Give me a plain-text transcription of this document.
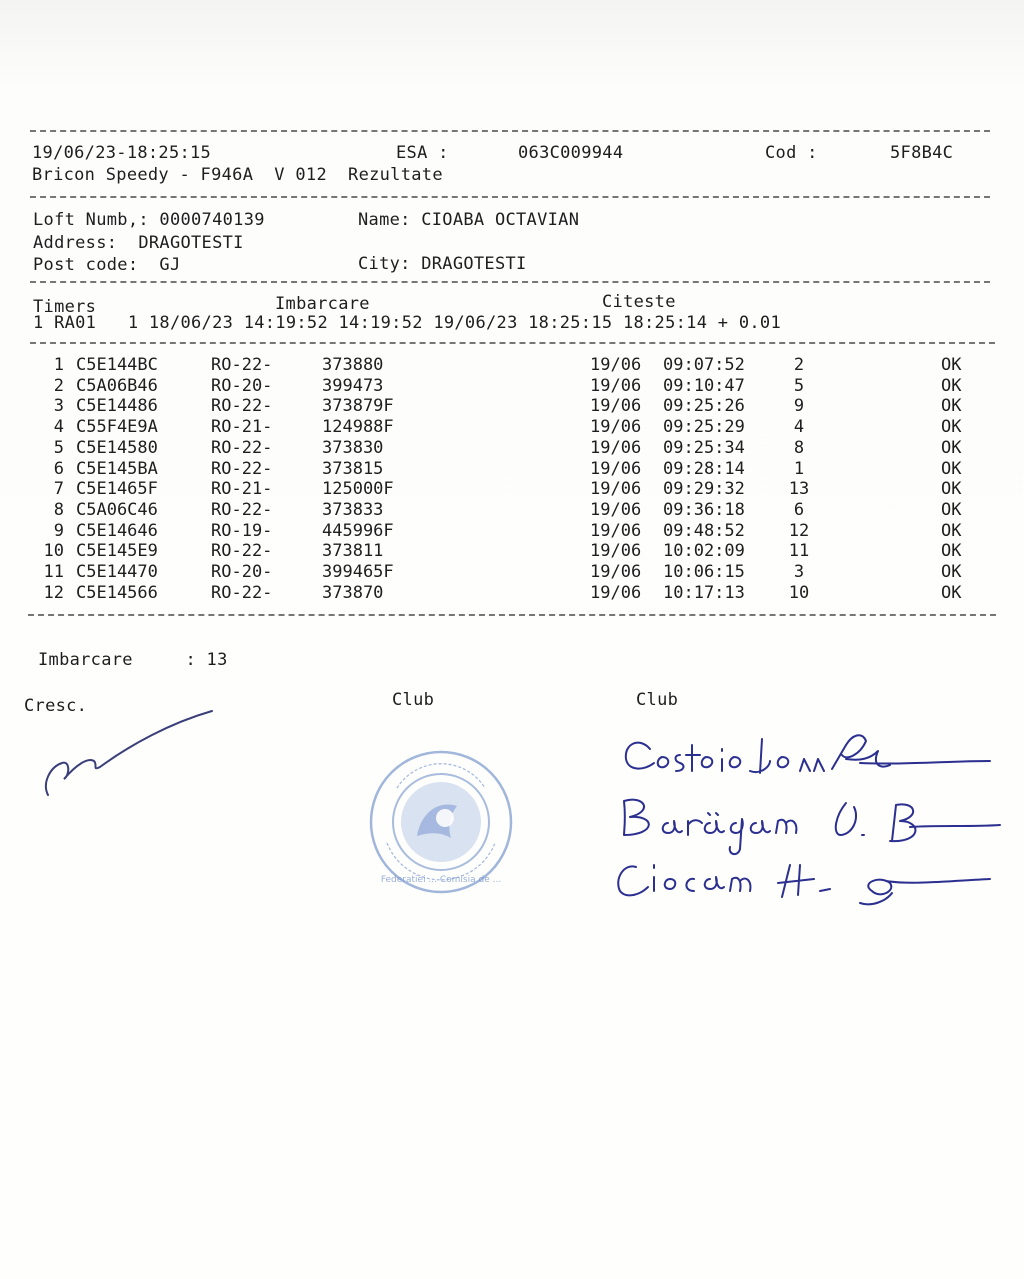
19/06/23-18:25:15	ESA :	063C009944	Cod :	5F8B4C
Bricon Speedy - F946A  V 012  Rezultate
Loft Numb,: 0000740139	Name: CIOABA OCTAVIAN
Address:  DRAGOTESTI
Post code:  GJ	City: DRAGOTESTI
Timers	Imbarcare	Citeste
1 RA01   1 18/06/23 14:19:52 14:19:52 19/06/23 18:25:15 18:25:14 + 0.01
1 C5E144BC	RO-22-	373880	19/06 09:07:52	2	OK
2 C5A06B46	RO-20-	399473	19/06 09:10:47	5	OK
3 C5E14486	RO-22-	373879F	19/06 09:25:26	9	OK
4 C55F4E9A	RO-21-	124988F	19/06 09:25:29	4	OK
5 C5E14580	RO-22-	373830	19/06 09:25:34	8	OK
6 C5E145BA	RO-22-	373815	19/06 09:28:14	1	OK
7 C5E1465F	RO-21-	125000F	19/06 09:29:32	13	OK
8 C5A06C46	RO-22-	373833	19/06 09:36:18	6	OK
9 C5E14646	RO-19-	445996F	19/06 09:48:52	12	OK
10 C5E145E9	RO-22-	373811	19/06 10:02:09	11	OK
11 C5E14470	RO-20-	399465F	19/06 10:06:15	3	OK
12 C5E14566	RO-22-	373870	19/06 10:17:13	10	OK
Imbarcare     : 13
Cresc.	Club	Club
Federatiei ... Comisia de ...
